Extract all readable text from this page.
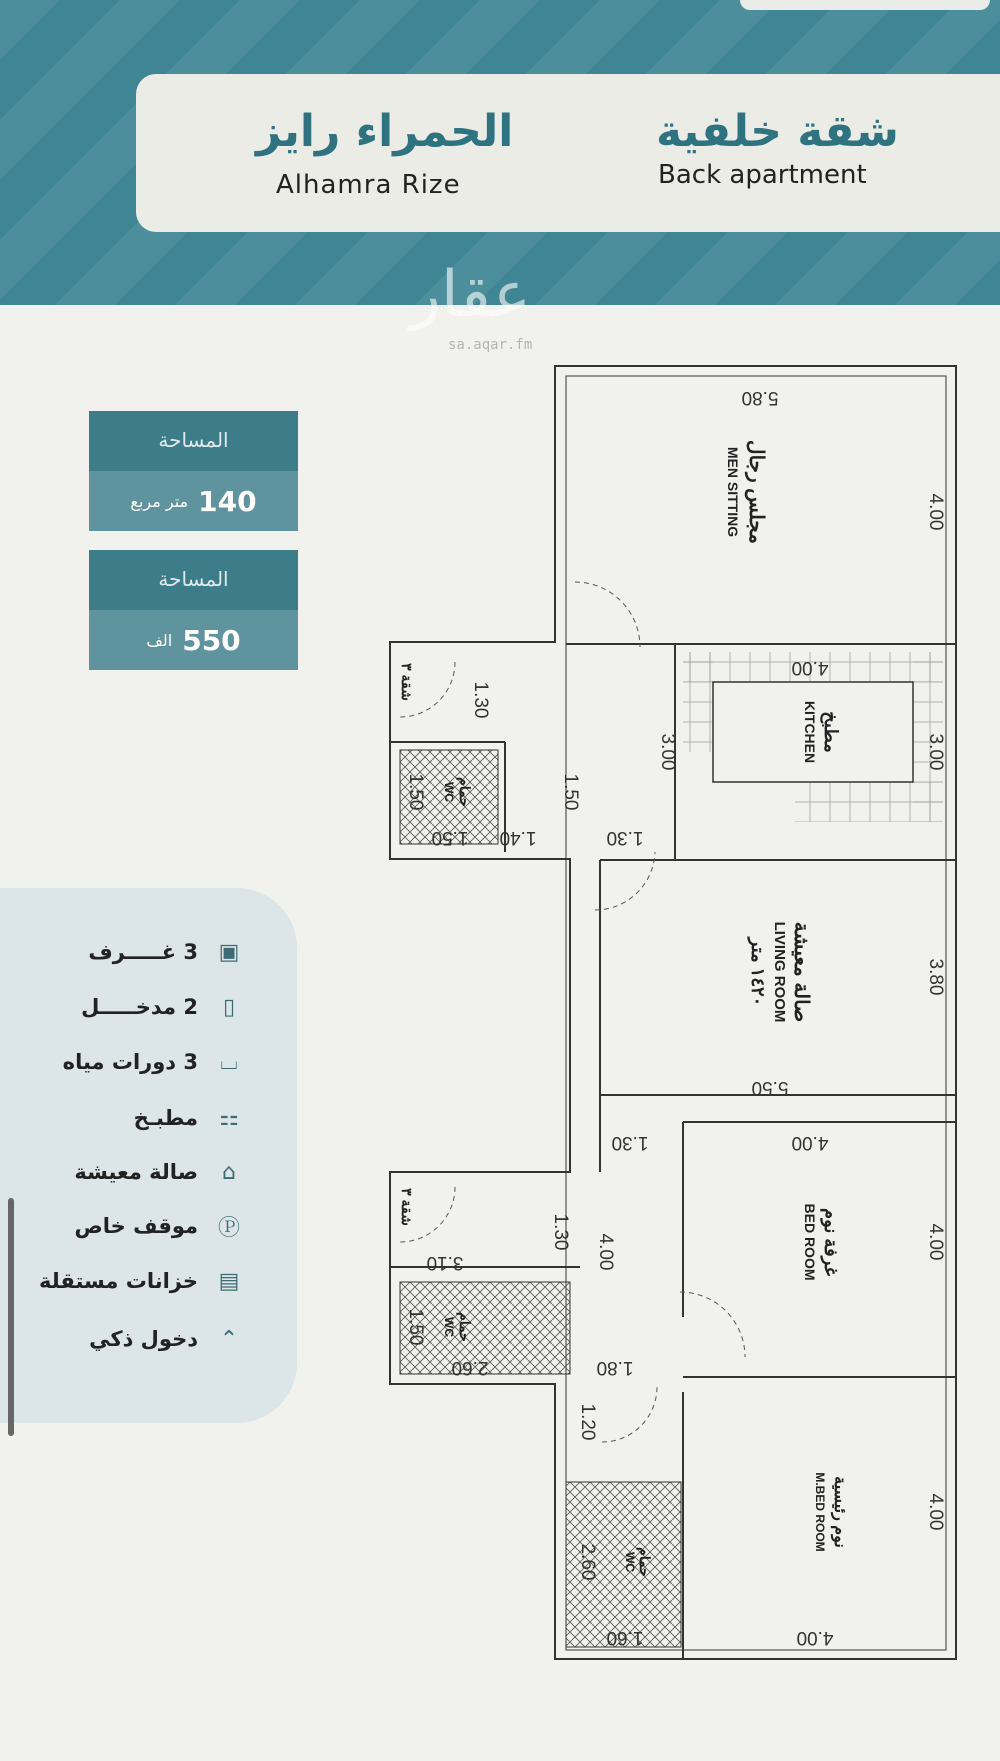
الحمراء رايز
Alhamra Rize
شقة خلفية
Back apartment
عقار
sa.aqar.fm
المساحة
متر مربع 140
المساحة
الف 550
▣
3 غـــــرف
▯
2 مدخـــــل
⌴
3 دورات مياه
⚏
مطبـخ
⌂
صالة معيشة
Ⓟ
موقف خاص
▤
خزانات مستقلة
⌃
دخول ذكي
مجلس رجال
MEN SITTING
مطبخ
KITCHEN
صالة معيشة
LIVING ROOM
١٤٢٠ متر
غرفة نوم
BED ROOM
نوم رئيسية
M.BED ROOM
حمام
WC
حمام
WC
حمام
WC
شقة ٣
شقة ٣
5.80
4.00
4.00
3.00
3.00
1.30
1.50
1.50
1.50 1.40	1.30
3.80
5.50
1.30	4.00
4.00
4.00
1.30
3.10
1.50
2.60	1.80
1.20
2.60
1.60
4.00
4.00
